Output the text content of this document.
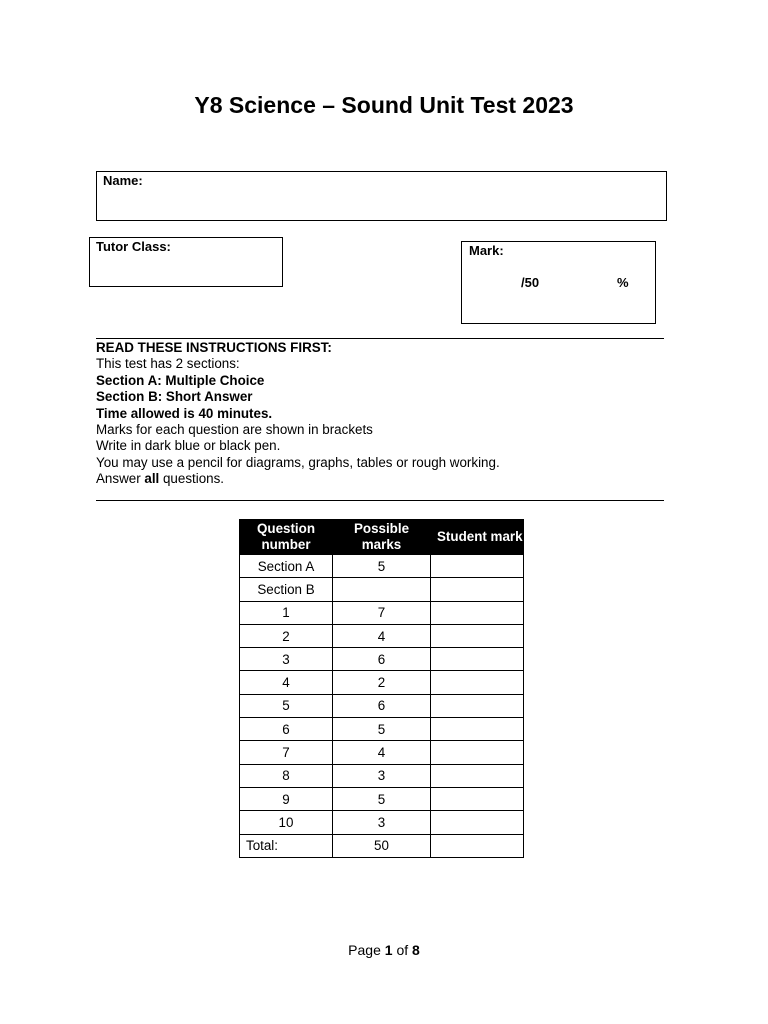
Y8 Science – Sound Unit Test 2023
Name:
Tutor Class:	Mark:
/50	%
READ THESE INSTRUCTIONS FIRST:
This test has 2 sections:
Section A: Multiple Choice
Section B: Short Answer
Time allowed is 40 minutes.
Marks for each question are shown in brackets
Write in dark blue or black pen.
You may use a pencil for diagrams, graphs, tables or rough working.
Answer all questions.
Question number	Possible marks	Student mark
Section A	5	
Section B		
1	7	
2	4	
3	6	
4	2	
5	6	
6	5	
7	4	
8	3	
9	5	
10	3	
Total:	50	
Page 1 of 8
